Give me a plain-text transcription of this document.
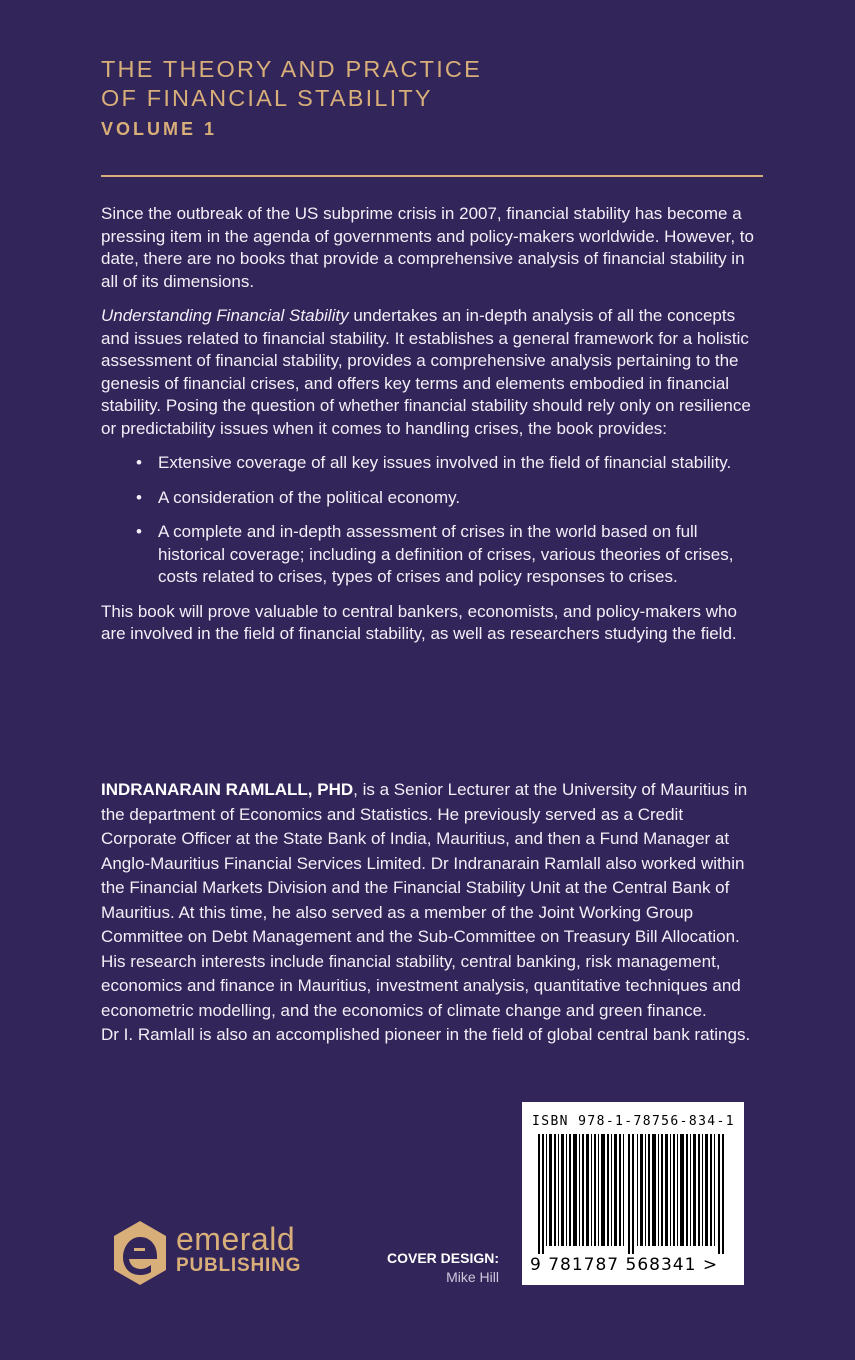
THE THEORY AND PRACTICE
OF FINANCIAL STABILITY
VOLUME 1

Since the outbreak of the US subprime crisis in 2007, financial stability has become a pressing item in the agenda of governments and policy-makers worldwide. However, to date, there are no books that provide a comprehensive analysis of financial stability in all of its dimensions.

Understanding Financial Stability undertakes an in-depth analysis of all the concepts and issues related to financial stability. It establishes a general framework for a holistic assessment of financial stability, provides a comprehensive analysis pertaining to the genesis of financial crises, and offers key terms and elements embodied in financial stability. Posing the question of whether financial stability should rely only on resilience or predictability issues when it comes to handling crises, the book provides:

• Extensive coverage of all key issues involved in the field of financial stability.
• A consideration of the political economy.
• A complete and in-depth assessment of crises in the world based on full historical coverage; including a definition of crises, various theories of crises, costs related to crises, types of crises and policy responses to crises.

This book will prove valuable to central bankers, economists, and policy-makers who are involved in the field of financial stability, as well as researchers studying the field.

INDRANARAIN RAMLALL, PHD, is a Senior Lecturer at the University of Mauritius in the department of Economics and Statistics. He previously served as a Credit Corporate Officer at the State Bank of India, Mauritius, and then a Fund Manager at Anglo-Mauritius Financial Services Limited. Dr Indranarain Ramlall also worked within the Financial Markets Division and the Financial Stability Unit at the Central Bank of Mauritius. At this time, he also served as a member of the Joint Working Group Committee on Debt Management and the Sub-Committee on Treasury Bill Allocation. His research interests include financial stability, central banking, risk management, economics and finance in Mauritius, investment analysis, quantitative techniques and econometric modelling, and the economics of climate change and green finance.
Dr I. Ramlall is also an accomplished pioneer in the field of global central bank ratings.
ISBN 978-1-78756-834-1
9 781787 568341 >
emerald
PUBLISHING	COVER DESIGN:
Mike Hill
